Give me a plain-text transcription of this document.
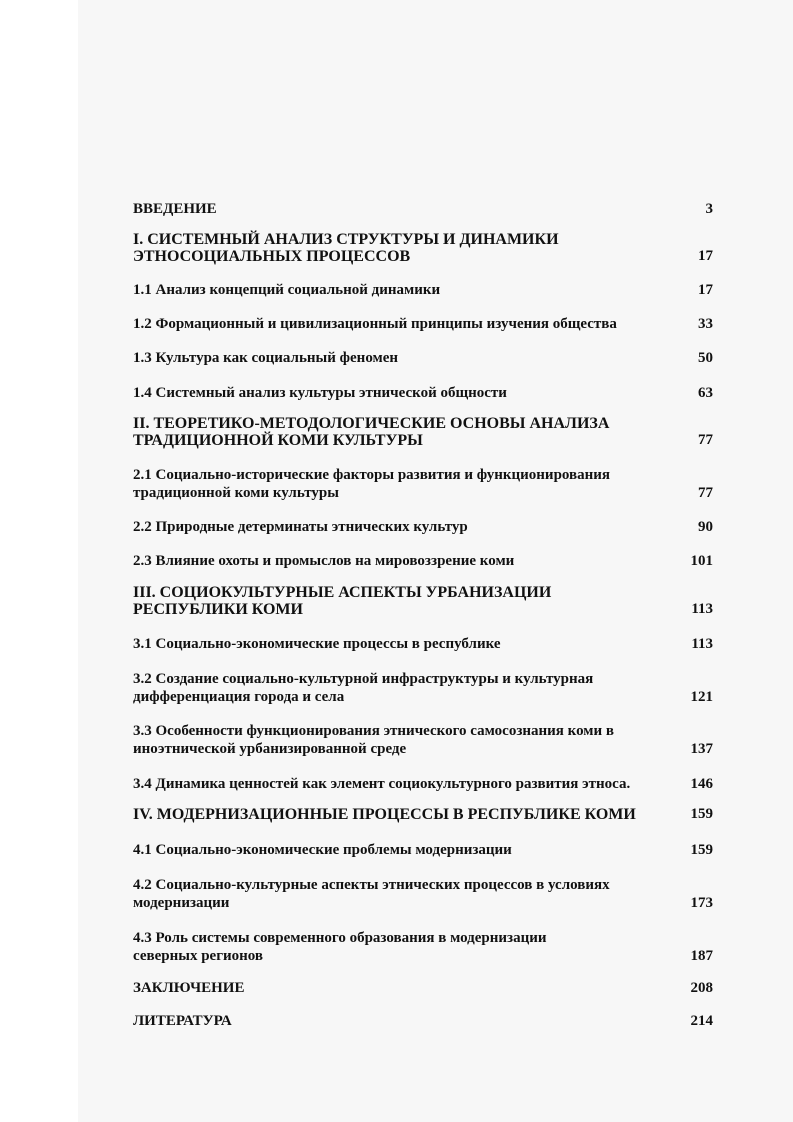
ВВЕДЕНИЕ	3
I. СИСТЕМНЫЙ АНАЛИЗ СТРУКТУРЫ И ДИНАМИКИ ЭТНОСОЦИАЛЬНЫХ ПРОЦЕССОВ	17
1.1 Анализ концепций социальной динамики	17
1.2 Формационный и цивилизационный принципы изучения общества	33
1.3 Культура как социальный феномен	50
1.4 Системный анализ культуры этнической общности	63
II. ТЕОРЕТИКО-МЕТОДОЛОГИЧЕСКИЕ ОСНОВЫ АНАЛИЗА ТРАДИЦИОННОЙ КОМИ КУЛЬТУРЫ	77
2.1 Социально-исторические факторы развития и функционирования традиционной коми культуры	77
2.2 Природные детерминаты этнических культур	90
2.3 Влияние охоты и промыслов на мировоззрение коми	101
III. СОЦИОКУЛЬТУРНЫЕ АСПЕКТЫ УРБАНИЗАЦИИ РЕСПУБЛИКИ КОМИ	113
3.1 Социально-экономические процессы в республике	113
3.2 Создание социально-культурной инфраструктуры и культурная дифференциация города и села	121
3.3 Особенности функционирования этнического самосознания коми в иноэтнической урбанизированной среде	137
3.4 Динамика ценностей как элемент социокультурного развития этноса.	146
IV. МОДЕРНИЗАЦИОННЫЕ ПРОЦЕССЫ В РЕСПУБЛИКЕ КОМИ	159
4.1 Социально-экономические проблемы модернизации	159
4.2 Социально-культурные аспекты этнических процессов в условиях модернизации	173
4.3 Роль системы современного образования в модернизации северных регионов	187
ЗАКЛЮЧЕНИЕ	208
ЛИТЕРАТУРА	214
